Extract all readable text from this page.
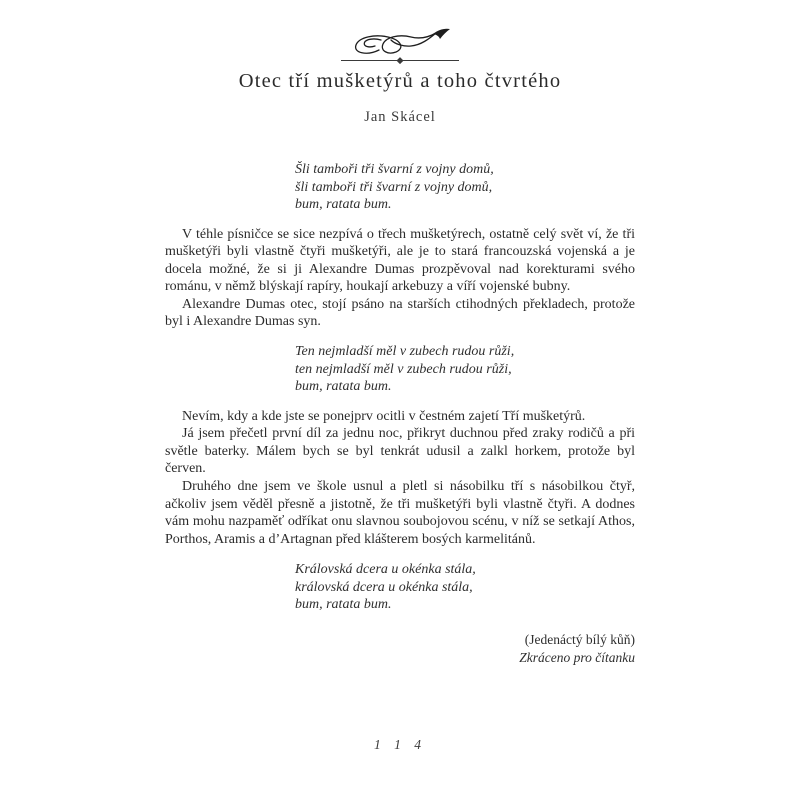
Otec tří mušketýrů a toho čtvrtého
Jan Skácel
Šli tamboři tři švarní z vojny domů,
šli tamboři tři švarní z vojny domů,
bum, ratata bum.

V téhle písničce se sice nezpívá o třech mušketýrech, ostatně celý svět ví, že tři mušketýři byli vlastně čtyři mušketýři, ale je to stará francouzská vojenská a je docela možné, že si ji Alexandre Dumas prozpěvoval nad korekturami svého románu, v němž blýskají rapíry, houkají arkebuzy a víří vojenské bubny.

Alexandre Dumas otec, stojí psáno na starších ctihodných překladech, protože byl i Alexandre Dumas syn.

Ten nejmladší měl v zubech rudou růži,
ten nejmladší měl v zubech rudou růži,
bum, ratata bum.

Nevím, kdy a kde jste se ponejprv ocitli v čestném zajetí Tří mušketýrů.

Já jsem přečetl první díl za jednu noc, přikryt duchnou před zraky rodičů a při světle baterky. Málem bych se byl tenkrát udusil a zalkl horkem, protože byl červen.

Druhého dne jsem ve škole usnul a pletl si násobilku tří s násobilkou čtyř, ačkoliv jsem věděl přesně a jistotně, že tři mušketýři byli vlastně čtyři. A dodnes vám mohu nazpaměť odříkat onu slavnou soubojovou scénu, v níž se setkají Athos, Porthos, Aramis a d’Artagnan před klášterem bosých karmelitánů.

Královská dcera u okénka stála,
královská dcera u okénka stála,
bum, ratata bum.
(Jedenáctý bílý kůň)
Zkráceno pro čítanku
1 1 4
